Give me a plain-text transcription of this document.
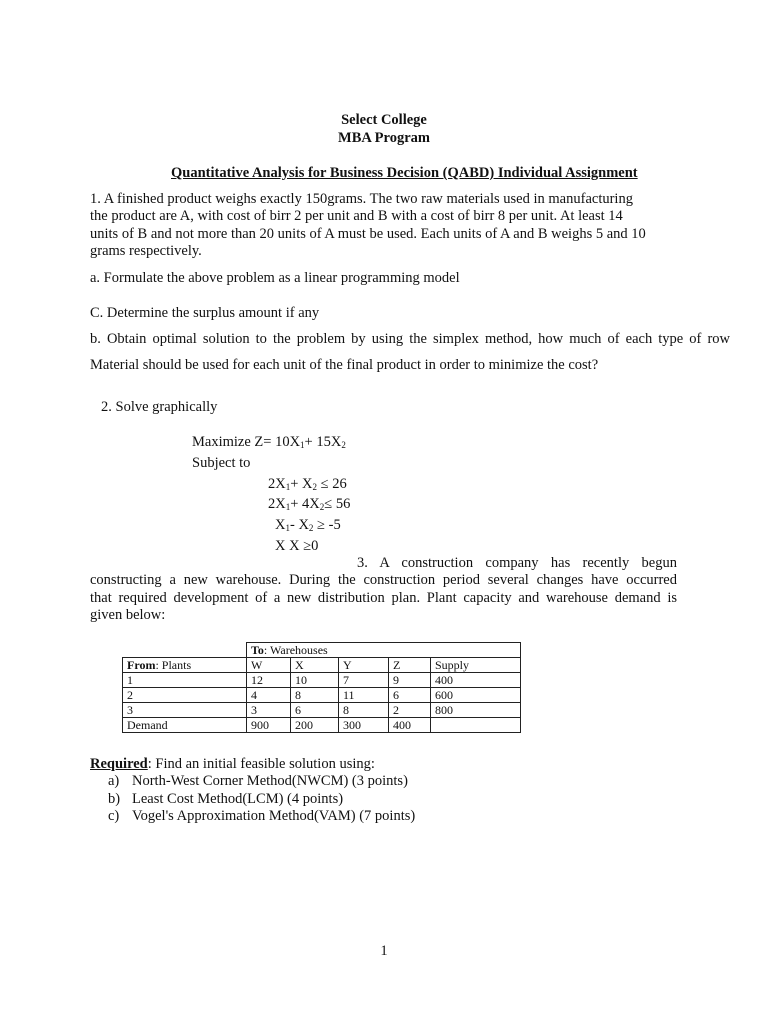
Select College
MBA Program
Quantitative Analysis for Business Decision (QABD) Individual Assignment
1. A finished product weighs exactly 150grams. The two raw materials used in manufacturing
the product are A, with cost of birr 2 per unit and B with a cost of birr 8 per unit. At least 14
units of B and not more than 20 units of A must be used. Each units of A and B weighs 5 and 10
grams respectively.
a. Formulate the above problem as a linear programming model
C. Determine the surplus amount if any
b. Obtain optimal solution to the problem by using the simplex method, how much of each type of row
Material should be used for each unit of the final product in order to minimize the cost?
2. Solve graphically
Maximize $Z= 10X_1+ 15X_2$
Subject to
$2X_1+ X_2 \le 26$
$2X_1+ 4X_2\le 56$
$X_1-$ $X_2 \ge -5$
X X ≥0
3. A construction company has recently begun
constructing a new warehouse. During the construction period several changes have occurred
that required development of a new distribution plan. Plant capacity and warehouse demand is
given below:
	To: Warehouses				
From: Plants	W	X	Y	Z	Supply
1	12	10	7	9	400
2	4	8	11	6	600
3	3	6	8	2	800
Demand	900	200	300	400	
Required: Find an initial feasible solution using:
a) North-West Corner Method(NWCM) (3 points)
b) Least Cost Method(LCM) (4 points)
c) Vogel's Approximation Method(VAM) (7 points)
1
